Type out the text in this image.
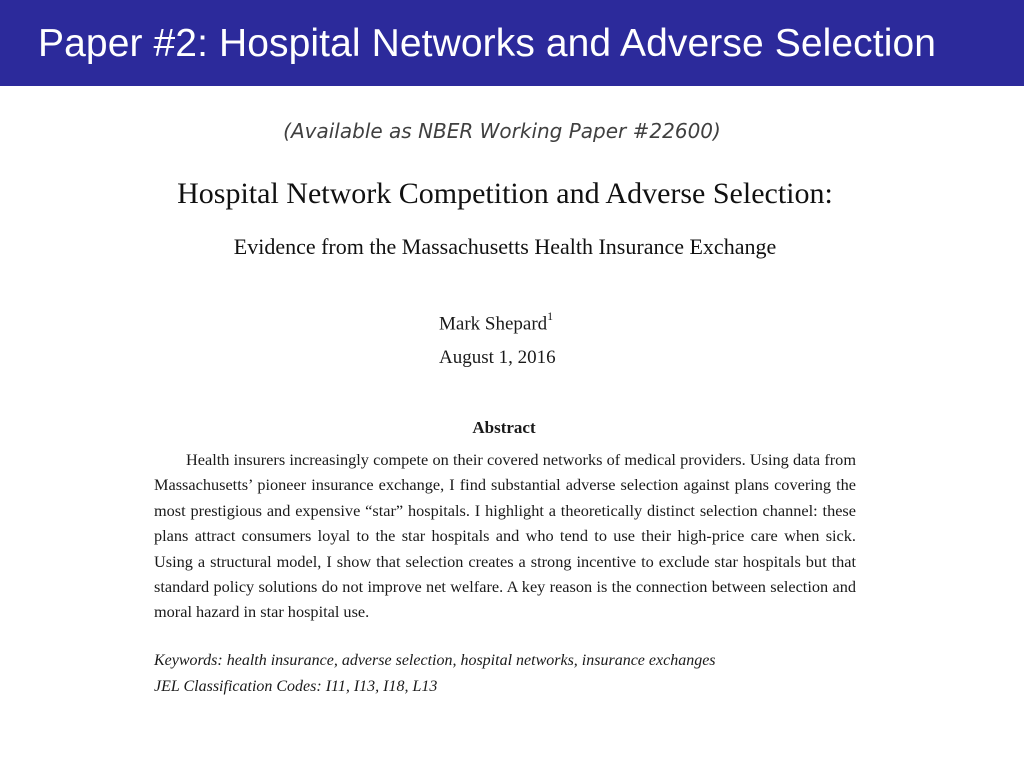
Paper #2: Hospital Networks and Adverse Selection
(Available as NBER Working Paper #22600)
Hospital Network Competition and Adverse Selection:
Evidence from the Massachusetts Health Insurance Exchange
Mark Shepard$^1$
August 1, 2016
Abstract

Health insurers increasingly compete on their covered networks of medical providers. Using data from Massachusetts’ pioneer insurance exchange, I find substantial adverse selection against plans covering the most prestigious and expensive “star” hospitals. I highlight a theoretically distinct selection channel: these plans attract consumers loyal to the star hospitals and who tend to use their high-price care when sick. Using a structural model, I show that selection creates a strong incentive to exclude star hospitals but that standard policy solutions do not improve net welfare. A key reason is the connection between selection and moral hazard in star hospital use.

Keywords: health insurance, adverse selection, hospital networks, insurance exchanges
JEL Classification Codes: I11, I13, I18, L13
